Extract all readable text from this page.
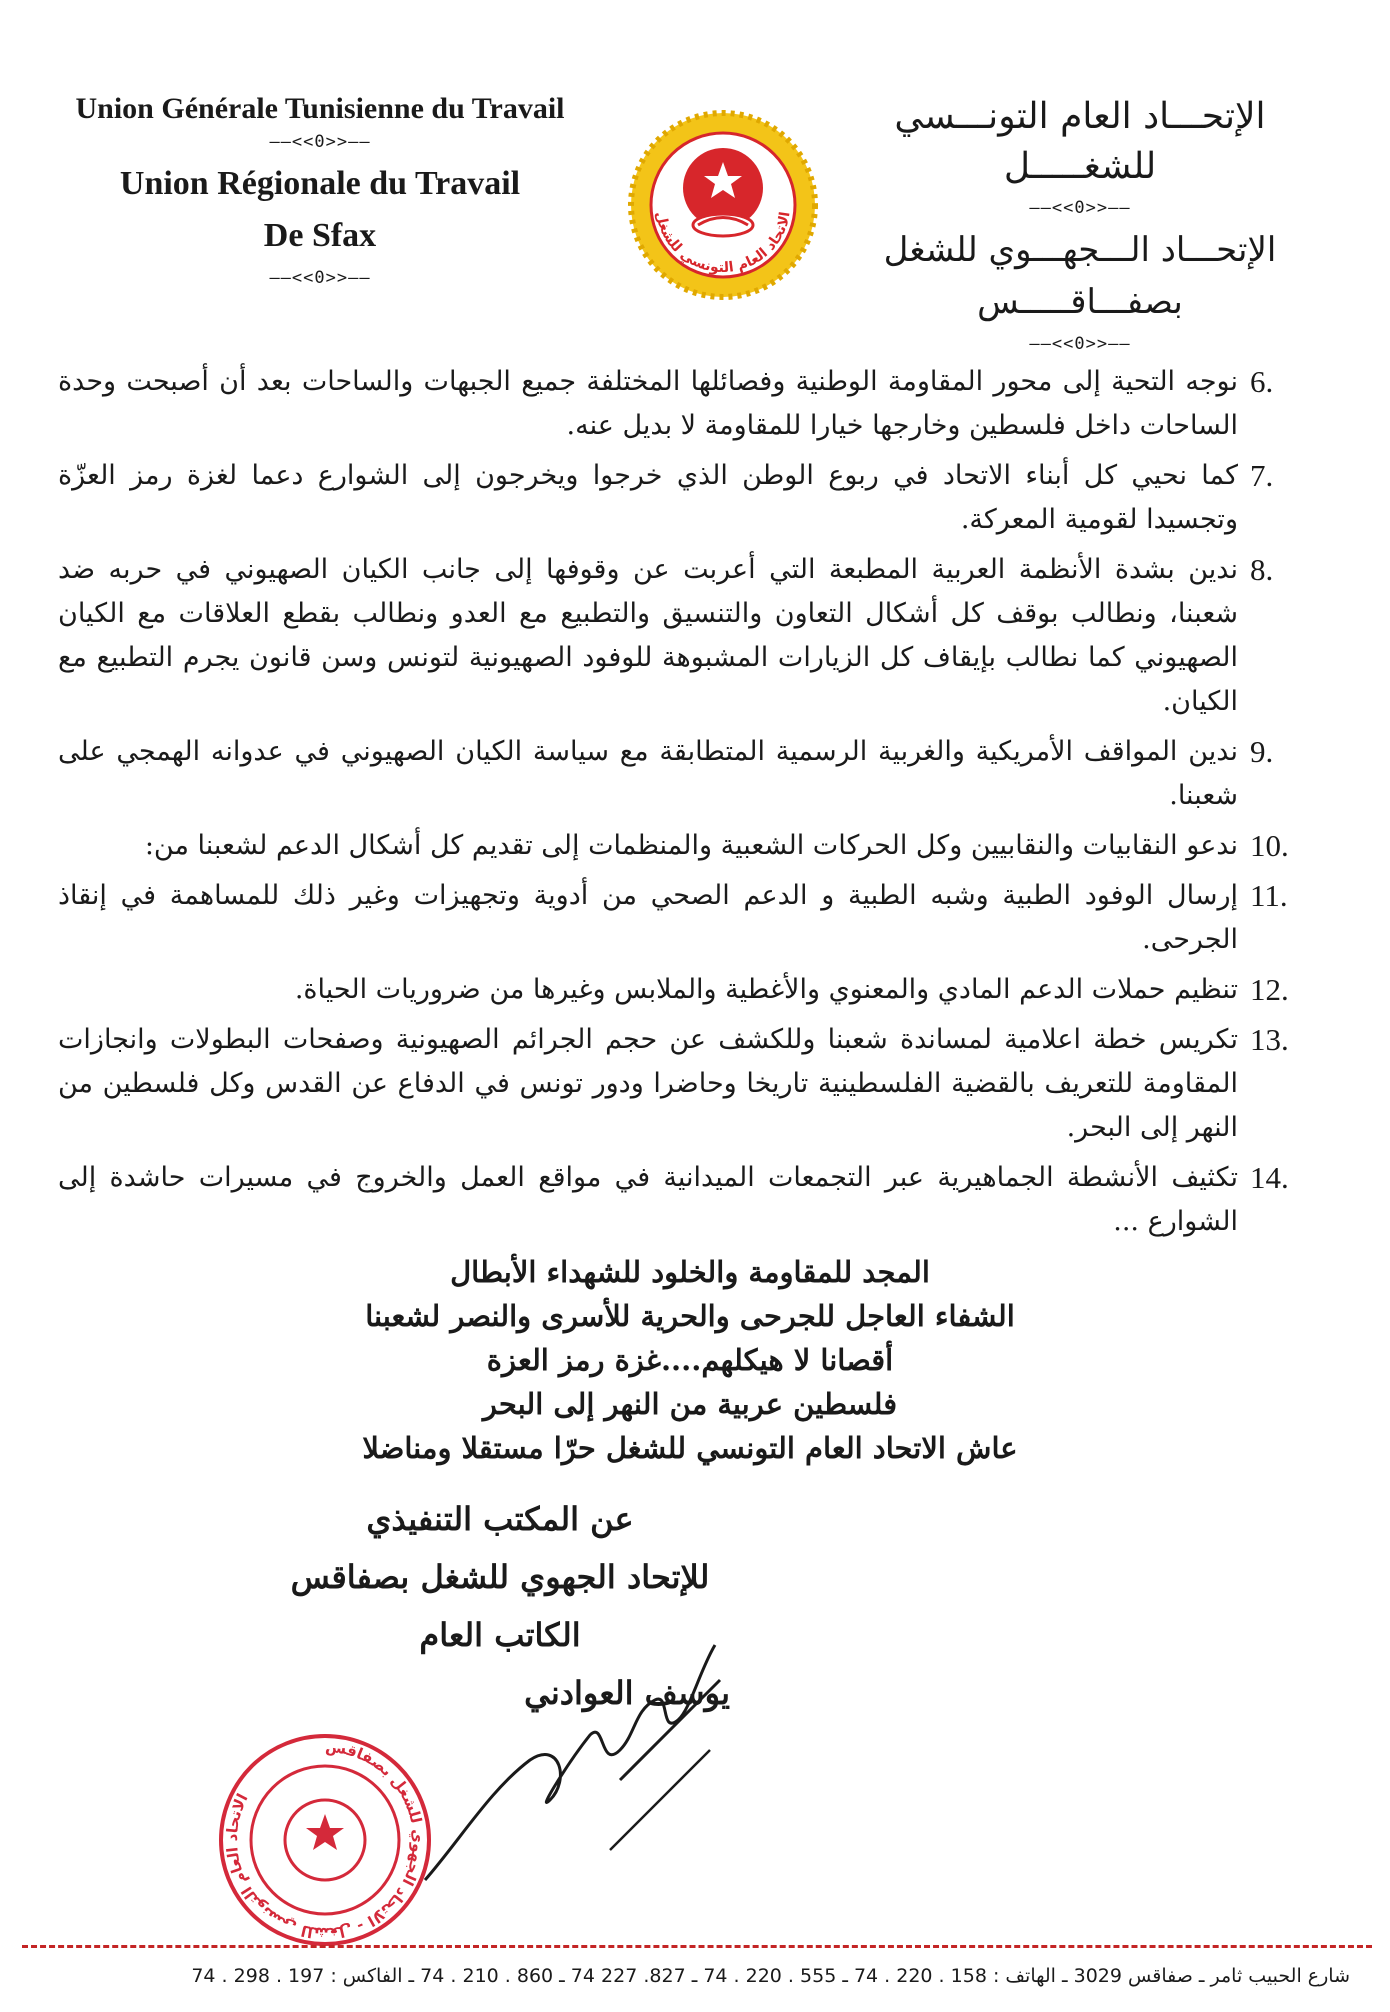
Union Générale Tunisienne du Travail

——<<0>>——

Union Régionale du Travail

De Sfax

——<<0>>——
الاتحاد العام التونسي للشغل

الإتحـــاد العام التونـــسي للشغـــــل

——<<0>>——

الإتحـــاد الـــجهـــوي للشغل

بصفـــاقـــــس

——<<0>>——
6.
نوجه التحية إلى محور المقاومة الوطنية وفصائلها المختلفة جميع الجبهات والساحات بعد أن أصبحت وحدة الساحات داخل فلسطين وخارجها خيارا للمقاومة لا بديل عنه.
7.
كما نحيي كل أبناء الاتحاد في ربوع الوطن الذي خرجوا ويخرجون إلى الشوارع دعما لغزة رمز العزّة وتجسيدا لقومية المعركة.
8.
ندين بشدة الأنظمة العربية المطبعة التي أعربت عن وقوفها إلى جانب الكيان الصهيوني في حربه ضد شعبنا، ونطالب بوقف كل أشكال التعاون والتنسيق والتطبيع مع العدو ونطالب بقطع العلاقات مع الكيان الصهيوني كما نطالب بإيقاف كل الزيارات المشبوهة للوفود الصهيونية لتونس وسن قانون يجرم التطبيع مع الكيان.
9.
ندين المواقف الأمريكية والغربية الرسمية المتطابقة مع سياسة الكيان الصهيوني في عدوانه الهمجي على شعبنا.
10.
ندعو النقابيات والنقابيين وكل الحركات الشعبية والمنظمات إلى تقديم كل أشكال الدعم لشعبنا من:
11.
إرسال الوفود الطبية وشبه الطبية و الدعم الصحي من أدوية وتجهيزات وغير ذلك للمساهمة في إنقاذ الجرحى.
12.
تنظيم حملات الدعم المادي والمعنوي والأغطية والملابس وغيرها من ضروريات الحياة.
13.
تكريس خطة اعلامية لمساندة شعبنا وللكشف عن حجم الجرائم الصهيونية وصفحات البطولات وانجازات المقاومة للتعريف بالقضية الفلسطينية تاريخا وحاضرا ودور تونس في الدفاع عن القدس وكل فلسطين من النهر إلى البحر.
14.
تكثيف الأنشطة الجماهيرية عبر التجمعات الميدانية في مواقع العمل والخروج في مسيرات حاشدة إلى الشوارع ...
المجد للمقاومة والخلود للشهداء الأبطال
الشفاء العاجل للجرحى والحرية للأسرى والنصر لشعبنا
أقصانا لا هيكلهم....غزة رمز العزة
فلسطين عربية من النهر إلى البحر
عاش الاتحاد العام التونسي للشغل حرّا مستقلا ومناضلا
عن المكتب التنفيذي
للإتحاد الجهوي للشغل بصفاقس
الكاتب العام
يوسف العوادني
الاتحاد العام التونسي للشغل - الاتحاد الجهوي للشغل بصفاقس
شارع الحبيب ثامر ـ صفاقس 3029 ـ الهاتف : 158 . 220 . 74 ـ 555 . 220 . 74 ـ 827. 227 74 ـ 860 . 210 . 74 ـ الفاكس : 197 . 298 . 74
